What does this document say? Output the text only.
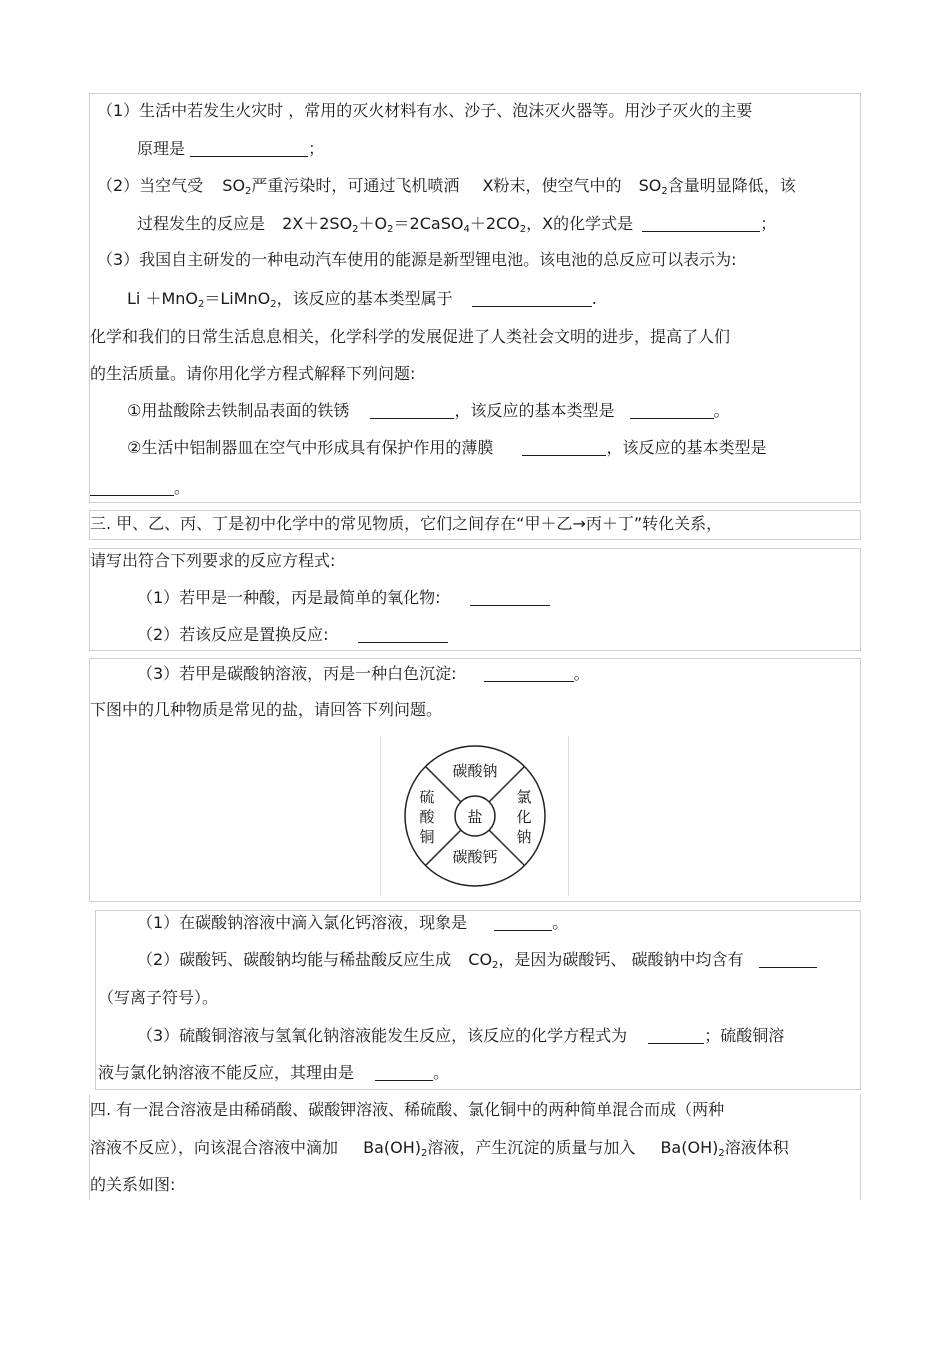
（1）生活中若发生火灾时 ，常用的灭火材料有水、沙子、泡沫灭火器等。用沙子灭火的主要
原理是	；
（2）当空气受 $SO_2$严重污染时，可通过飞机喷洒 X粉末，使空气中的 $SO_2$含量明显降低，该
过程发生的反应是 $2X+2SO_2+O_2=2CaSO_4+2CO_2$，X的化学式是	；
（3）我国自主研发的一种电动汽车使用的能源是新型锂电池。该电池的总反应可以表示为:
Li ＋MnO$_2$＝LiMnO$_2$，该反应的基本类型属于	.
化学和我们的日常生活息息相关，化学科学的发展促进了人类社会文明的进步，提高了人们
的生活质量。请你用化学方程式解释下列问题:
①用盐酸除去铁制品表面的铁锈	，该反应的基本类型是	。
②生活中铝制器皿在空气中形成具有保护作用的薄膜	，该反应的基本类型是
。
三. 甲、乙、丙、丁是初中化学中的常见物质，它们之间存在“甲＋乙→丙＋丁”转化关系，
请写出符合下列要求的反应方程式:
（1）若甲是一种酸，丙是最简单的氧化物:
（2）若该反应是置换反应:
（3）若甲是碳酸钠溶液，丙是一种白色沉淀:	。
下图中的几种物质是常见的盐，请回答下列问题。
盐
碳酸钠
碳酸钙
硫
酸
铜
氯
化
钠
（1）在碳酸钠溶液中滴入氯化钙溶液，现象是	。
（2）碳酸钙、碳酸钠均能与稀盐酸反应生成 $CO_2$，是因为碳酸钙、 碳酸钠中均含有
（写离子符号）。
（3）硫酸铜溶液与氢氧化钠溶液能发生反应，该反应的化学方程式为	；硫酸铜溶
液与氯化钠溶液不能反应，其理由是	。
四. 有一混合溶液是由稀硝酸、碳酸钾溶液、稀硫酸、氯化铜中的两种简单混合而成（两种
溶液不反应），向该混合溶液中滴加 $Ba(OH)_2$溶液，产生沉淀的质量与加入 $Ba(OH)_2$溶液体积
的关系如图:
